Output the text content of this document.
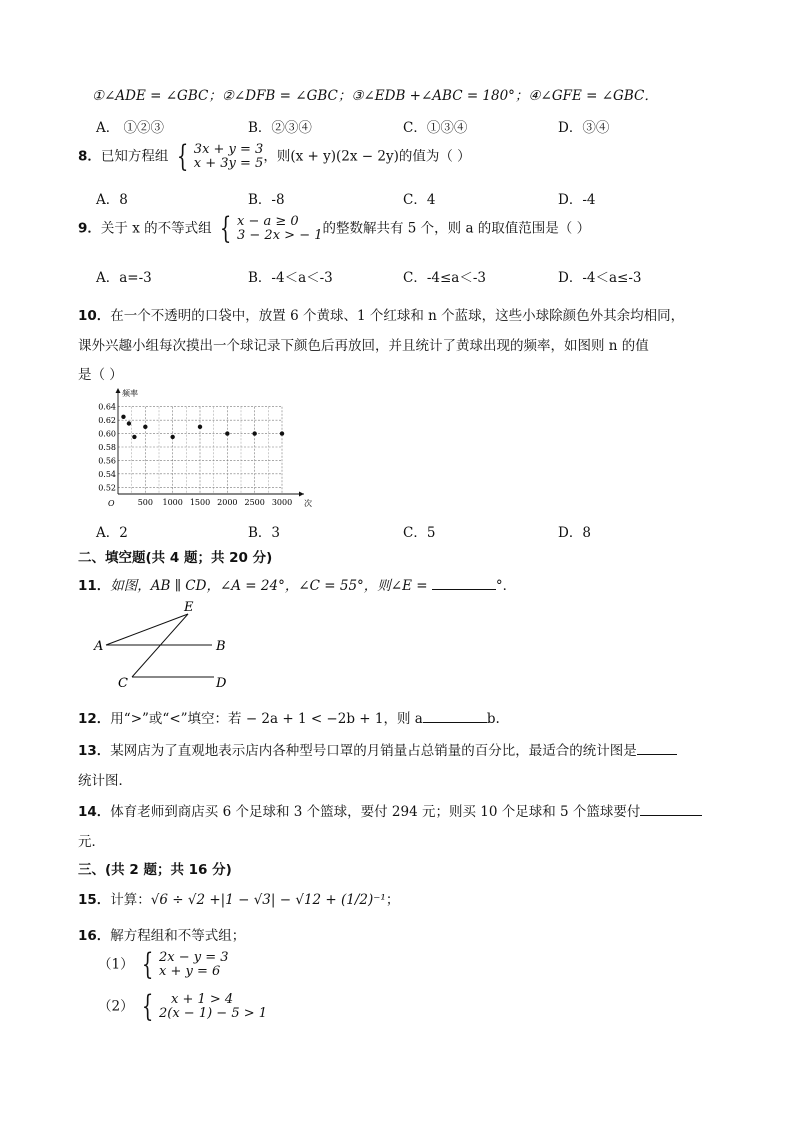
①∠ADE = ∠GBC；②∠DFB = ∠GBC；③∠EDB +∠ABC = 180°；④∠GFE = ∠GBC．
A． ①②③	B．②③④	C．①③④	D．③④
8．已知方程组 { 3x + y = 3
x + 3y = 5 ，则(x + y)(2x − 2y)的值为（ ）
A．8	B．-8	C．4	D．-4
9．关于 x 的不等式组 { x − a ≥ 0
3 − 2x > − 1 的整数解共有 5 个，则 a 的取值范围是（ ）
A．a=-3	B．-4＜a＜-3	C．-4≤a＜-3	D．-4＜a≤-3
10．在一个不透明的口袋中，放置 6 个黄球、1 个红球和 n 个蓝球，这些小球除颜色外其余均相同，
课外兴趣小组每次摸出一个球记录下颜色后再放回，并且统计了黄球出现的频率，如图则 n 的值
是（ ）
频率
次
O	500 1000 1500 2000 2500 3000
0.52
0.54
0.56
0.58
0.60
0.62
0.64
A．2	B．3	C．5	D．8
二、填空题(共 4 题；共 20 分)
11．如图，AB ∥ CD，∠A = 24°，∠C = 55°，则∠E =	°．
A	B
C	D
E
12．用“>”或“<”填空：若 − 2a + 1 < −2b + 1，则 a	b.
13．某网店为了直观地表示店内各种型号口罩的月销量占总销量的百分比，最适合的统计图是
统计图．
14．体育老师到商店买 6 个足球和 3 个篮球，要付 294 元；则买 10 个足球和 5 个篮球要付
元．
三、(共 2 题；共 16 分)
15．计算：√6 ÷ √2 +|1 − √3| − √12 + (1/2)⁻¹；
16．解方程组和不等式组；
（1） { 2x − y = 3
x + y = 6
（2） {	x + 1 > 4
2(x − 1) − 5 > 1
